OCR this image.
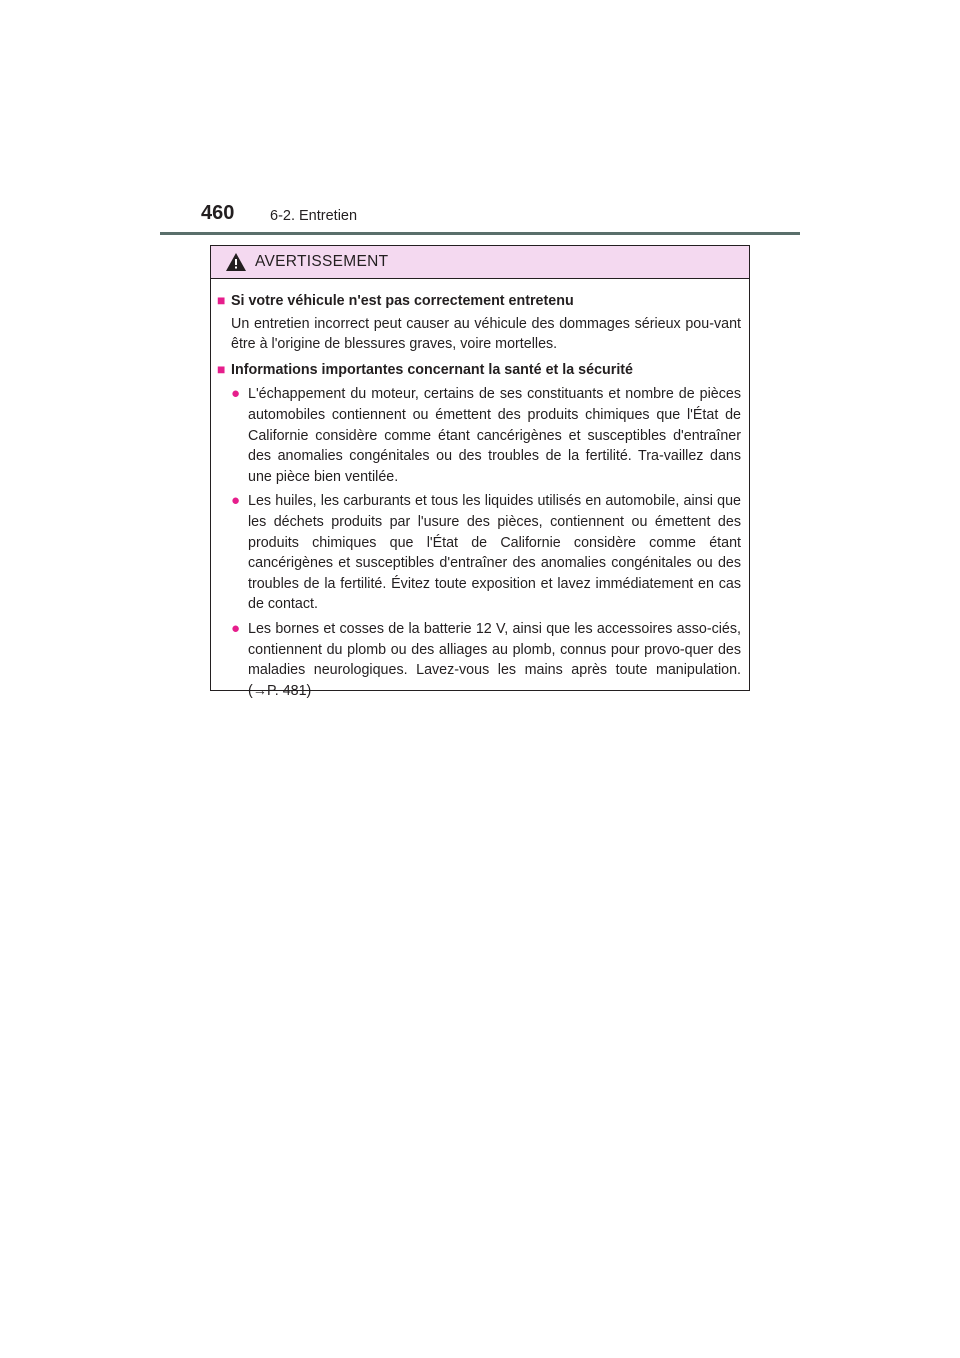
460 6-2. Entretien
AVERTISSEMENT
■ Si votre véhicule n'est pas correctement entretenu
Un entretien incorrect peut causer au véhicule des dommages sérieux pou-vant être à l'origine de blessures graves, voire mortelles.
■ Informations importantes concernant la santé et la sécurité
● L'échappement du moteur, certains de ses constituants et nombre de pièces automobiles contiennent ou émettent des produits chimiques que l'État de Californie considère comme étant cancérigènes et susceptibles d'entraîner des anomalies congénitales ou des troubles de la fertilité. Tra-vaillez dans une pièce bien ventilée.
● Les huiles, les carburants et tous les liquides utilisés en automobile, ainsi que les déchets produits par l'usure des pièces, contiennent ou émettent des produits chimiques que l'État de Californie considère comme étant cancérigènes et susceptibles d'entraîner des anomalies congénitales ou des troubles de la fertilité. Évitez toute exposition et lavez immédiatement en cas de contact.
● Les bornes et cosses de la batterie 12 V, ainsi que les accessoires asso-ciés, contiennent du plomb ou des alliages au plomb, connus pour provo-quer des maladies neurologiques. Lavez-vous les mains après toute manipulation. (→P. 481)
